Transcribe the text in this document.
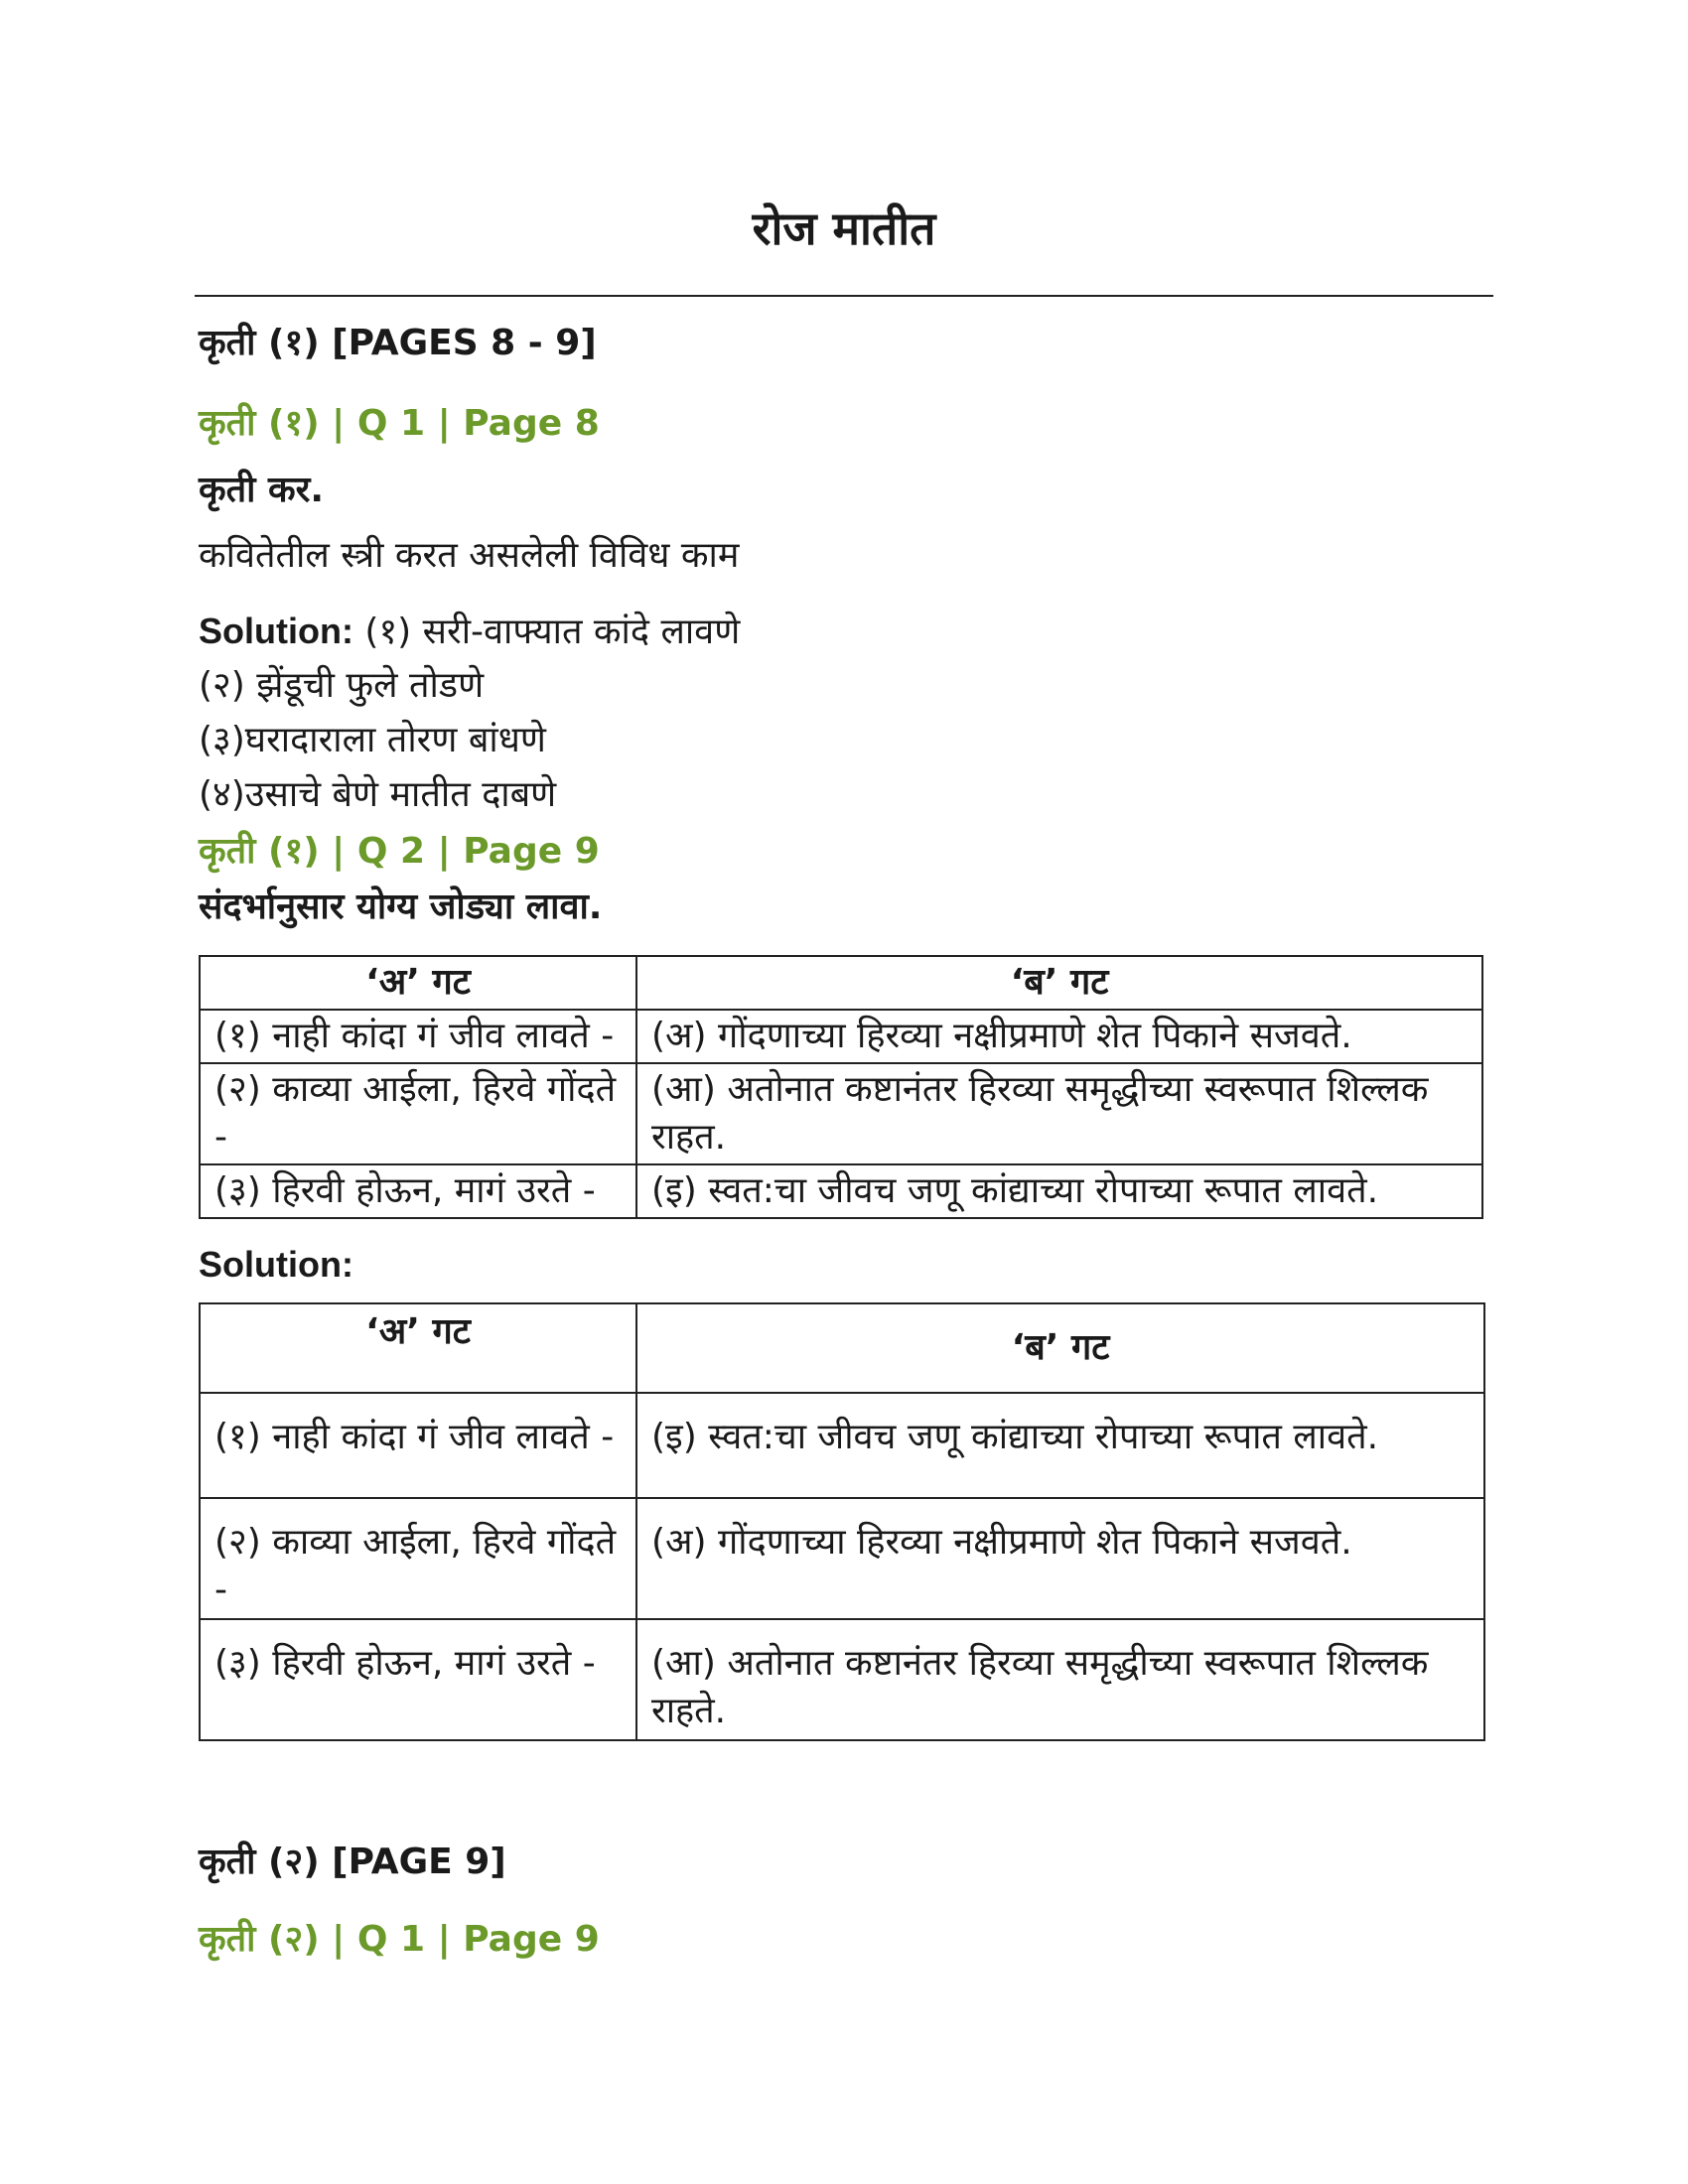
रोज मातीत
कृती (१) [PAGES 8 - 9]
कृती (१) | Q 1 | Page 8
कृती कर.
कवितेतील स्त्री करत असलेली विविध काम
Solution: (१) सरी-वाफ्यात कांदे लावणे
(२) झेंडूची फुले तोडणे
(३)घरादाराला तोरण बांधणे
(४)उसाचे बेणे मातीत दाबणे
कृती (१) | Q 2 | Page 9
संदर्भानुसार योग्य जोड्या लावा.
‘अ’ गट	‘ब’ गट
(१) नाही कांदा गं जीव लावते -	(अ) गोंदणाच्या हिरव्या नक्षीप्रमाणे शेत पिकाने सजवते.
(२) काव्या आईला, हिरवे गोंदते -	(आ) अतोनात कष्टानंतर हिरव्या समृद्धीच्या स्वरूपात शिल्लक राहत.
(३) हिरवी होऊन, मागं उरते -	(इ) स्वत:चा जीवच जणू कांद्याच्या रोपाच्या रूपात लावते.
Solution:
‘अ’ गट	‘ब’ गट
(१) नाही कांदा गं जीव लावते -	(इ) स्वत:चा जीवच जणू कांद्याच्या रोपाच्या रूपात लावते.
(२) काव्या आईला, हिरवे गोंदते -	(अ) गोंदणाच्या हिरव्या नक्षीप्रमाणे शेत पिकाने सजवते.
(३) हिरवी होऊन, मागं उरते -	(आ) अतोनात कष्टानंतर हिरव्या समृद्धीच्या स्वरूपात शिल्लक राहते.
कृती (२) [PAGE 9]
कृती (२) | Q 1 | Page 9
